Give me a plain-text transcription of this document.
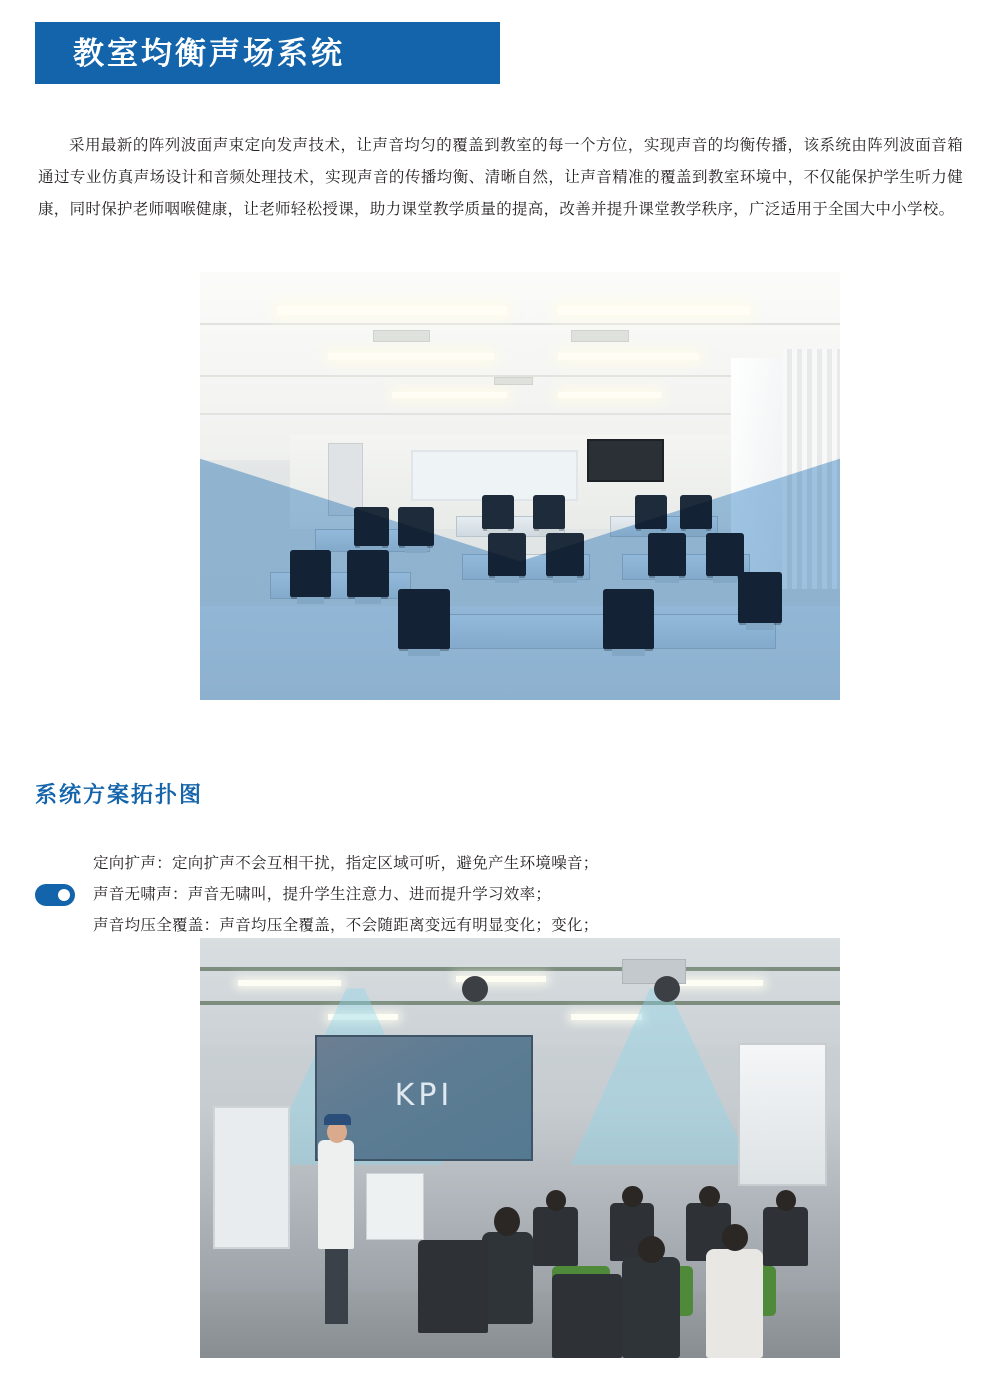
教室均衡声场系统

采用最新的阵列波面声束定向发声技术，让声音均匀的覆盖到教室的每一个方位，实现声音的均衡传播，该系统由阵列波面音箱通过专业仿真声场设计和音频处理技术，实现声音的传播均衡、清晰自然，让声音精准的覆盖到教室环境中，不仅能保护学生听力健康，同时保护老师咽喉健康，让老师轻松授课，助力课堂教学质量的提高，改善并提升课堂教学秩序，广泛适用于全国大中小学校。

系统方案拓扑图
定向扩声：定向扩声不会互相干扰，指定区域可听，避免产生环境噪音；
声音无啸声：声音无啸叫，提升学生注意力、进而提升学习效率；
声音均压全覆盖：声音均压全覆盖，不会随距离变远有明显变化；变化；
KPI
